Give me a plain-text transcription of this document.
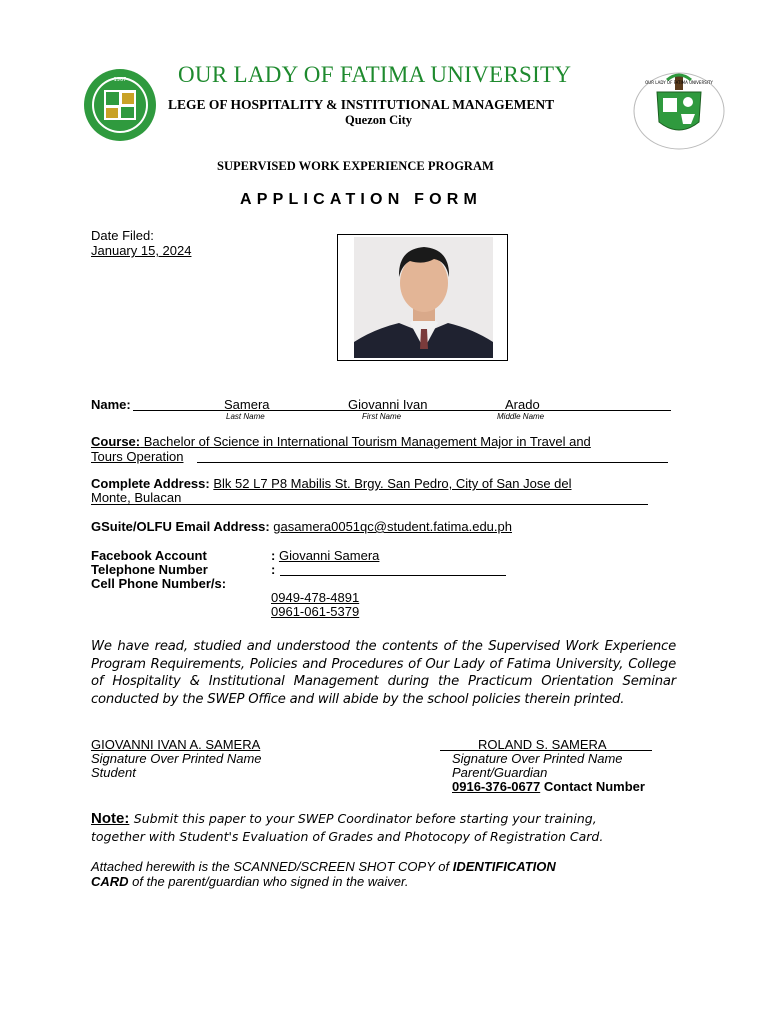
1967	OUR LADY OF FATIMA UNIVERSITY
OUR LADY OF FATIMA UNIVERSITY
LEGE OF HOSPITALITY & INSTITUTIONAL MANAGEMENT
Quezon City
SUPERVISED WORK EXPERIENCE PROGRAM
APPLICATION FORM
Date Filed:
January 15, 2024
Name:	Samera	Giovanni Ivan	Arado
Last Name	First Name	Middle Name
Course: Bachelor of Science in International Tourism Management Major in Travel and
Tours Operation
Complete Address: Blk 52 L7 P8 Mabilis St. Brgy. San Pedro, City of San Jose del
Monte, Bulacan
GSuite/OLFU Email Address: gasamera0051qc@student.fatima.edu.ph
Facebook Account	: Giovanni Samera
Telephone Number	:
Cell Phone Number/s:
0949-478-4891
0961-061-5379
We have read, studied and understood the contents of the Supervised Work Experience Program Requirements, Policies and Procedures of Our Lady of Fatima University, College of Hospitality & Institutional Management during the Practicum Orientation Seminar conducted by the SWEP Office and will abide by the school policies therein printed.
GIOVANNI IVAN A. SAMERA
Signature Over Printed Name
Student
ROLAND S. SAMERA
Signature Over Printed Name
Parent/Guardian
0916-376-0677 Contact Number
Note: Submit this paper to your SWEP Coordinator before starting your training,
together with Student's Evaluation of Grades and Photocopy of Registration Card.
Attached herewith is the SCANNED/SCREEN SHOT COPY of IDENTIFICATION
CARD of the parent/guardian who signed in the waiver.
